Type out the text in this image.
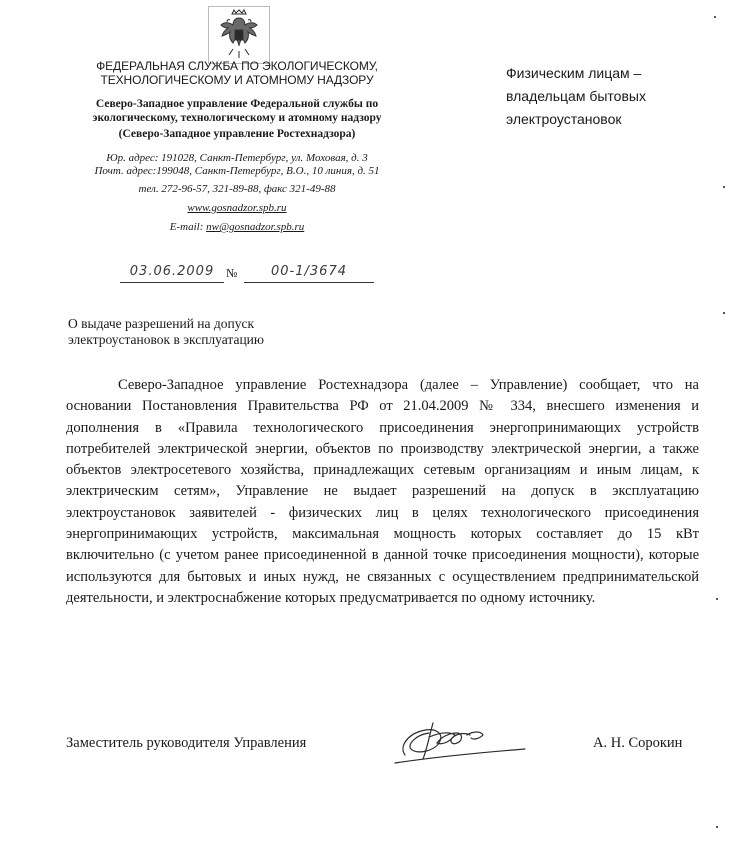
ФЕДЕРАЛЬНАЯ СЛУЖБА ПО ЭКОЛОГИЧЕСКОМУ,
ТЕХНОЛОГИЧЕСКОМУ И АТОМНОМУ НАДЗОРУ
Северо-Западное управление Федеральной службы по
экологическому, технологическому и атомному надзору
(Северо-Западное управление Ростехнадзора)
Юр. адрес: 191028, Санкт-Петербург, ул. Моховая, д. 3
Почт. адрес:199048, Санкт-Петербург, В.О., 10 линия, д. 51
тел. 272-96-57, 321-89-88, факс 321-49-88
www.gosnadzor.spb.ru
E-mail: nw@gosnadzor.spb.ru
Физическим лицам –
владельцам бытовых
электроустановок
03.06.2009 №	00-1/3674
О выдаче разрешений на допуск
электроустановок в эксплуатацию
Северо-Западное управление Ростехнадзора (далее – Управление) сообщает, что на основании Постановления Правительства РФ от 21.04.2009 № 334, внесшего изменения и дополнения в «Правила технологического присоединения энергопринимающих устройств потребителей электрической энергии, объектов по производству электрической энергии, а также объектов электросетевого хозяйства, принадлежащих сетевым организациям и иным лицам, к электрическим сетям», Управление не выдает разрешений на допуск в эксплуатацию электроустановок заявителей - физических лиц в целях технологического присоединения энергопринимающих устройств, максимальная мощность которых составляет до 15 кВт включительно (с учетом ранее присоединенной в данной точке присоединения мощности), которые используются для бытовых и иных нужд, не связанных с осуществлением предпринимательской деятельности, и электроснабжение которых предусматривается по одному источнику.
Заместитель руководителя Управления	А. Н. Сорокин
